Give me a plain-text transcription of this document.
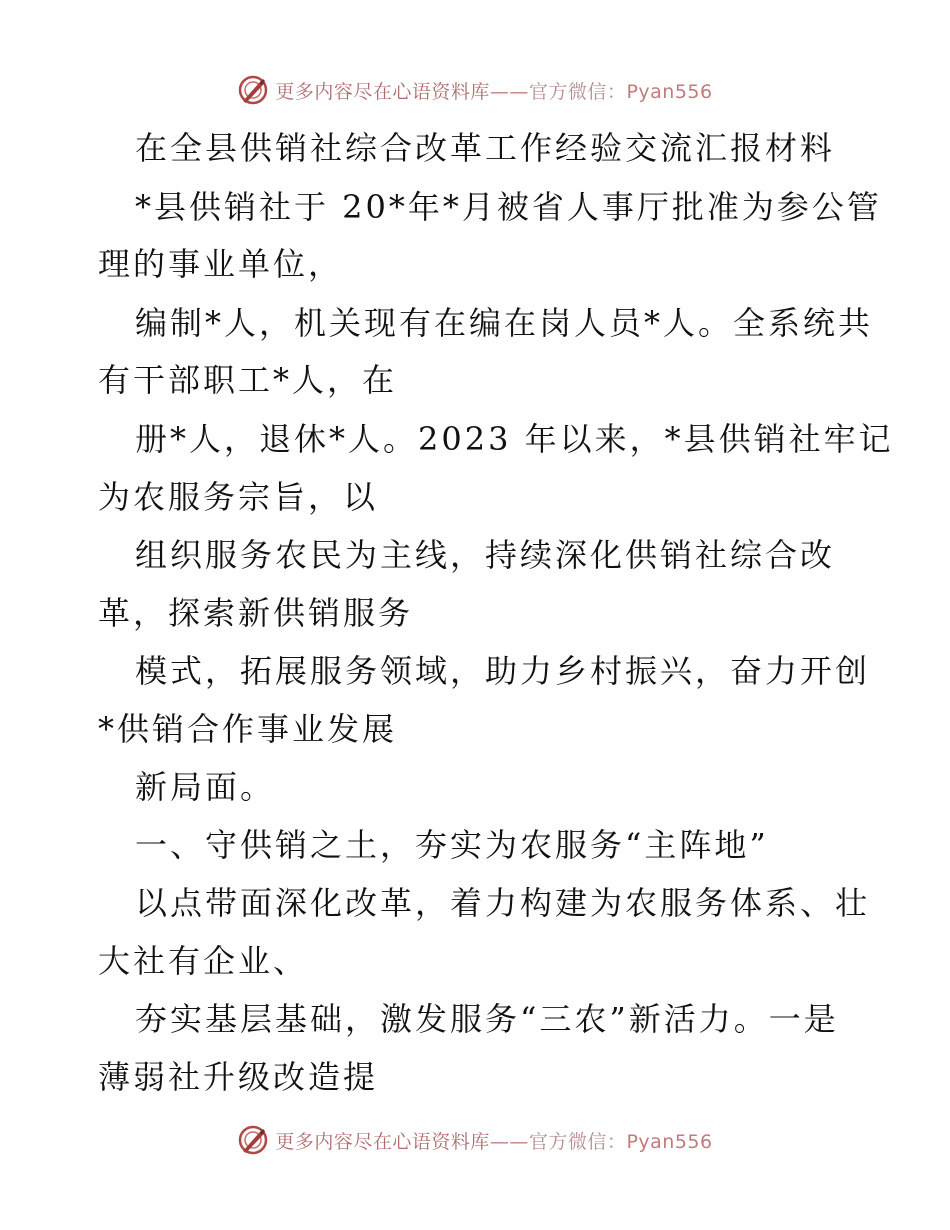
更多内容尽在心语资料库——官方微信：Pyan556
在全县供销社综合改革工作经验交流汇报材料
*县供销社于 20*年*月被省人事厅批准为参公管
理的事业单位，
编制*人，机关现有在编在岗人员*人。全系统共
有干部职工*人，在
册*人，退休*人。2023 年以来，*县供销社牢记
为农服务宗旨，以
组织服务农民为主线，持续深化供销社综合改
革，探索新供销服务
模式，拓展服务领域，助力乡村振兴，奋力开创
*供销合作事业发展
新局面。
一、守供销之土，夯实为农服务“主阵地”
以点带面深化改革，着力构建为农服务体系、壮
大社有企业、
夯实基层基础，激发服务“三农”新活力。一是
薄弱社升级改造提
更多内容尽在心语资料库——官方微信：Pyan556
